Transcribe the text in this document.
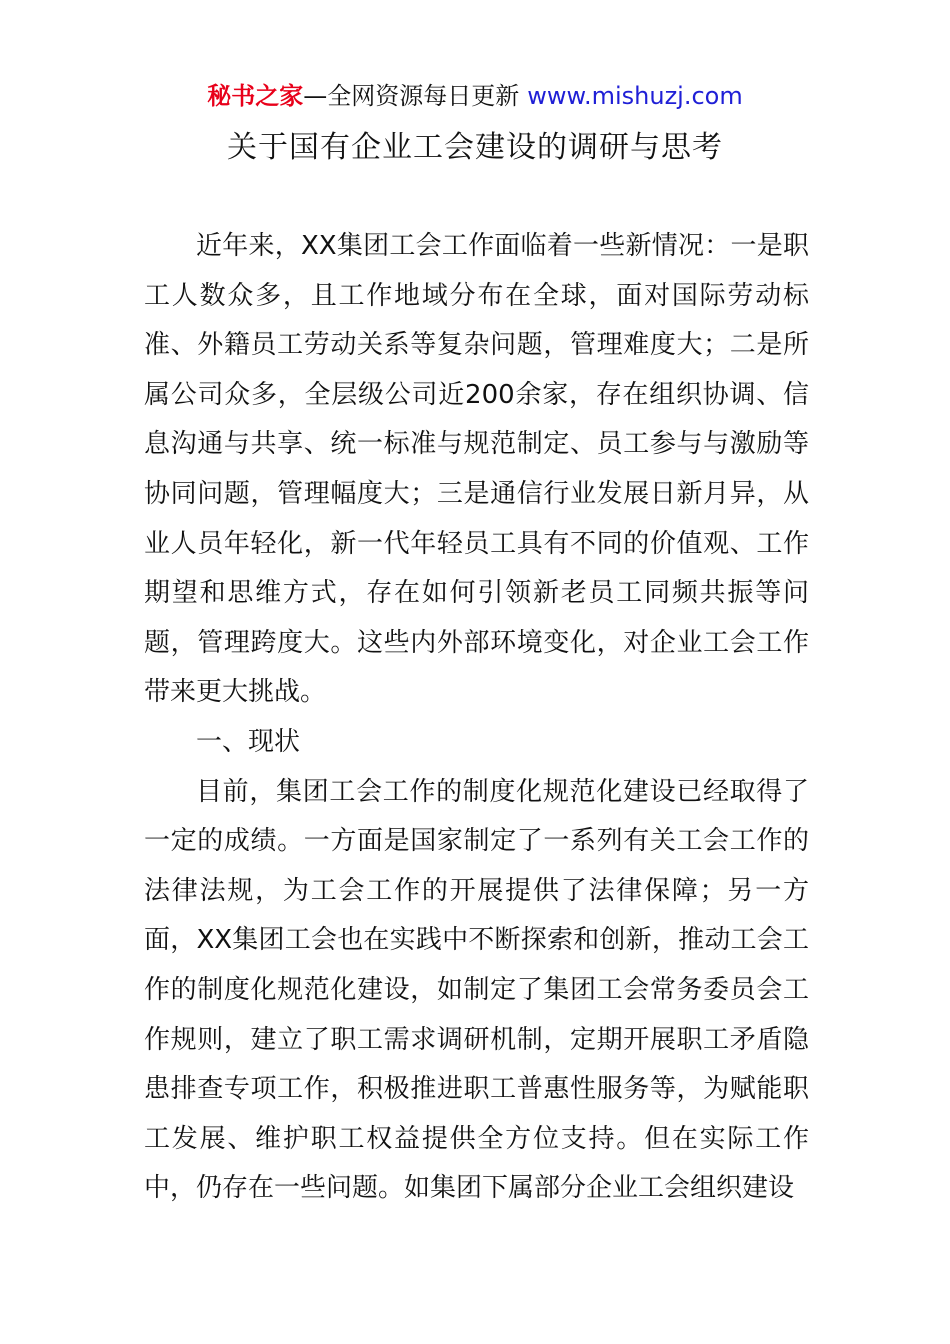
秘书之家—全网资源每日更新 www.mishuzj.com
关于国有企业工会建设的调研与思考

近年来，XX集团工会工作面临着一些新情况：一是职工人数众多，且工作地域分布在全球，面对国际劳动标准、外籍员工劳动关系等复杂问题，管理难度大；二是所属公司众多，全层级公司近200余家，存在组织协调、信息沟通与共享、统一标准与规范制定、员工参与与激励等协同问题，管理幅度大；三是通信行业发展日新月异，从业人员年轻化，新一代年轻员工具有不同的价值观、工作期望和思维方式，存在如何引领新老员工同频共振等问题，管理跨度大。这些内外部环境变化，对企业工会工作带来更大挑战。

一、现状

目前，集团工会工作的制度化规范化建设已经取得了一定的成绩。一方面是国家制定了一系列有关工会工作的法律法规，为工会工作的开展提供了法律保障；另一方面，XX集团工会也在实践中不断探索和创新，推动工会工作的制度化规范化建设，如制定了集团工会常务委员会工作规则，建立了职工需求调研机制，定期开展职工矛盾隐患排查专项工作，积极推进职工普惠性服务等，为赋能职工发展、维护职工权益提供全方位支持。但在实际工作中，仍存在一些问题。如集团下属部分企业工会组织建设
